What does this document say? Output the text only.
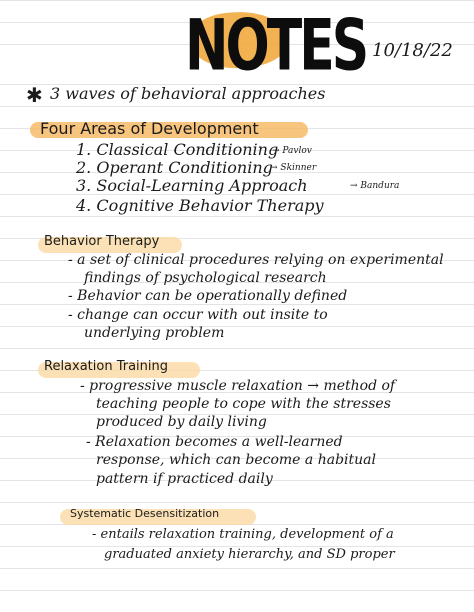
NOTES 10/18/22
✱ 3 waves of behavioral approaches
Four Areas of Development
1. Classical Conditioning
→ Pavlov
2. Operant Conditioning
→ Skinner
3. Social-Learning Approach	→ Bandura
4. Cognitive Behavior Therapy
Behavior Therapy
- a set of clinical procedures relying on experimental
findings of psychological research
- Behavior can be operationally defined
- change can occur with out insite to
underlying problem
Relaxation Training
- progressive muscle relaxation → method of
teaching people to cope with the stresses
produced by daily living
- Relaxation becomes a well-learned
response, which can become a habitual
pattern if practiced daily
Systematic Desensitization
- entails relaxation training, development of a
graduated anxiety hierarchy, and SD proper
